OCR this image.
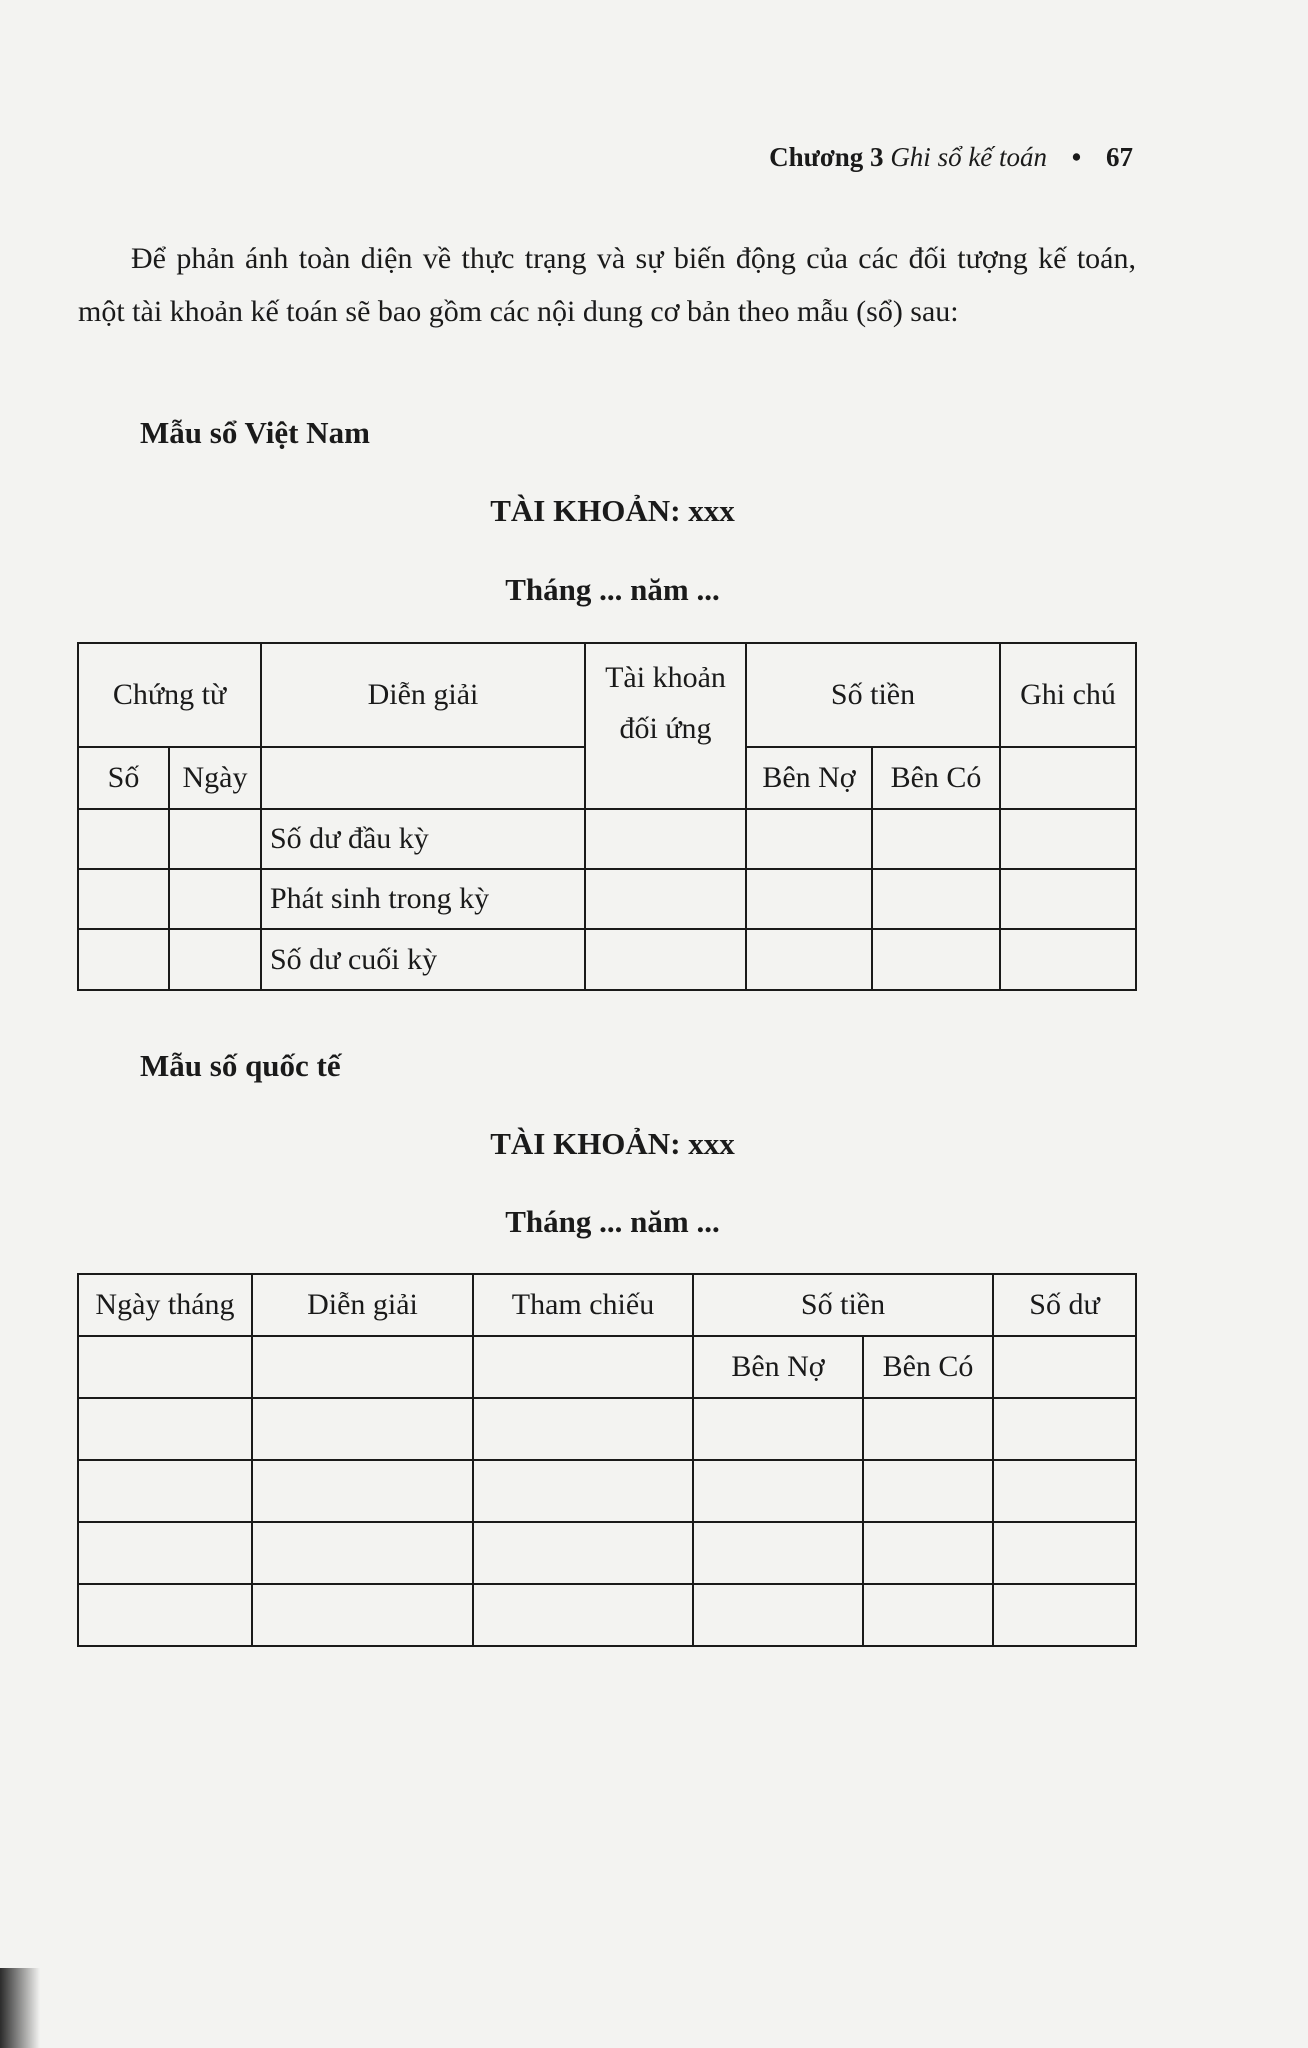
Chương 3 Ghi sổ kế toán • 67

Để phản ánh toàn diện về thực trạng và sự biến động của các đối tượng kế toán, một tài khoản kế toán sẽ bao gồm các nội dung cơ bản theo mẫu (sổ) sau:

Mẫu sổ Việt Nam
TÀI KHOẢN: xxx
Tháng ... năm ...
Chứng từ		Diễn giải	Tài khoản đối ứng	Số tiền		Ghi chú
Số	Ngày			Bên Nợ	Bên Có	
		Số dư đầu kỳ				
		Phát sinh trong kỳ				
		Số dư cuối kỳ				
Mẫu số quốc tế
TÀI KHOẢN: xxx
Tháng ... năm ...
Ngày tháng	Diễn giải	Tham chiếu	Số tiền		Số dư
			Bên Nợ	Bên Có	
